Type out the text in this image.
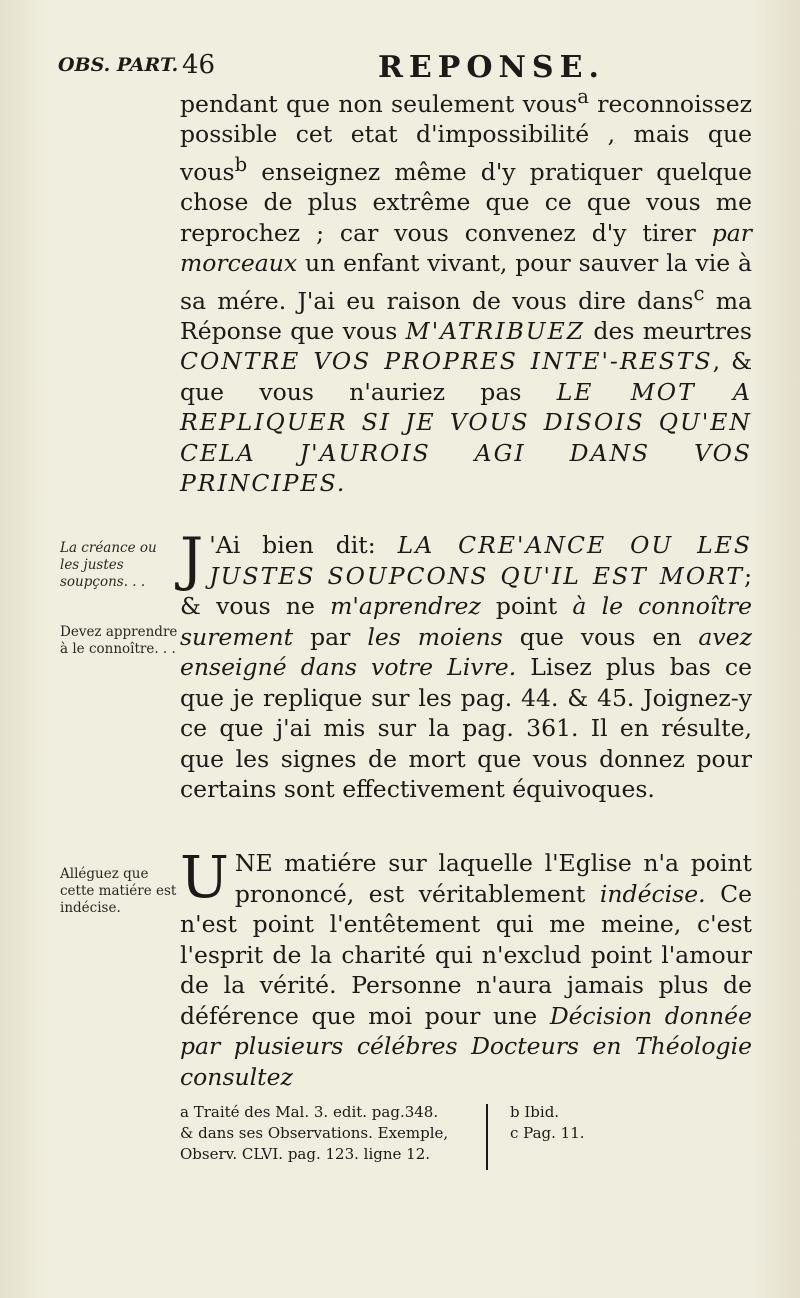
OBS. PART. 46	REPONSE.

pendant que non seulement vous$^a$ reconnoissez possible cet etat d'impossibilité , mais que vous$^b$ enseignez même d'y pratiquer quelque chose de plus extrême que ce que vous me reprochez ; car vous convenez d'y tirer par morceaux un enfant vivant, pour sauver la vie à sa mére. J'ai eu raison de vous dire dans$^c$ ma Réponse que vous M'ATRIBUEZ des meurtres CONTRE VOS PROPRES INTE'-RESTS, & que vous n'auriez pas LE MOT A REPLIQUER SI JE VOUS DISOIS QU'EN CELA J'AUROIS AGI DANS VOS PRINCIPES.

La créance ou les justes soupçons. . .
Devez apprendre à le connoître. . .

J 'Ai bien dit: LA CRE'ANCE OU LES JUSTES SOUPCONS QU'IL EST MORT; & vous ne m'aprendrez point à le connoître surement par les moiens que vous en avez enseigné dans votre Livre. Lisez plus bas ce que je replique sur les pag. 44. & 45. Joignez-y ce que j'ai mis sur la pag. 361. Il en résulte, que les signes de mort que vous donnez pour certains sont effectivement équivoques.

Alléguez que cette matiére est indécise.	UNE matiére sur laquelle l'Eglise n'a point prononcé, est véritablement indécise. Ce n'est point l'entêtement qui me meine, c'est l'esprit de la charité qui n'exclud point l'amour de la vérité. Personne n'aura jamais plus de déférence que moi pour une Décision donnée par plusieurs célébres Docteurs en Théologie consultez

a Traité des Mal. 3. edit. pag.348.

& dans ses Observations. Exemple,

Observ. CLVI. pag. 123. ligne 12.

b Ibid.

c Pag. 11.
